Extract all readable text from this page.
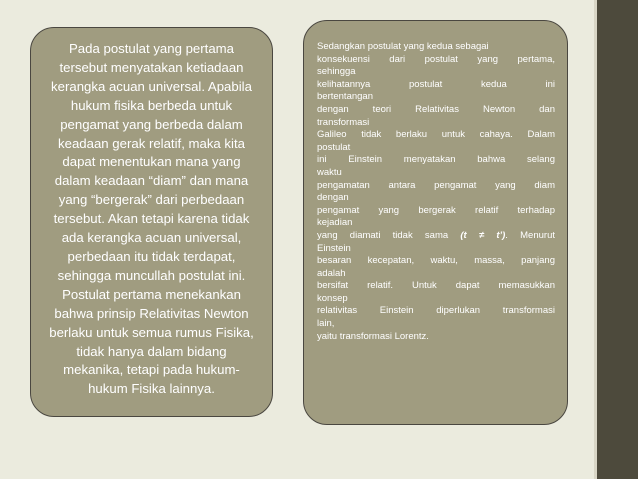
Pada postulat yang pertama
tersebut menyatakan ketiadaan
kerangka acuan universal. Apabila
hukum fisika berbeda untuk
pengamat yang berbeda dalam
keadaan gerak relatif, maka kita
dapat menentukan mana yang
dalam keadaan “diam” dan mana
yang “bergerak” dari perbedaan
tersebut. Akan tetapi karena tidak
ada kerangka acuan universal,
perbedaan itu tidak terdapat,
sehingga muncullah postulat ini.
Postulat pertama menekankan
bahwa prinsip Relativitas Newton
berlaku untuk semua rumus Fisika,
tidak hanya dalam bidang
mekanika, tetapi pada hukum-
hukum Fisika lainnya.

Sedangkan postulat yang kedua sebagai
konsekuensi dari postulat yang pertama,
sehingga
kelihatannya postulat kedua ini
bertentangan
dengan teori Relativitas Newton dan
transformasi
Galileo tidak berlaku untuk cahaya. Dalam
postulat
ini Einstein menyatakan bahwa selang
waktu
pengamatan antara pengamat yang diam
dengan
pengamat yang bergerak relatif terhadap
kejadian
yang diamati tidak sama (t ≠ t’). Menurut
Einstein
besaran kecepatan, waktu, massa, panjang
adalah
bersifat relatif. Untuk dapat memasukkan
konsep
relativitas Einstein diperlukan transformasi
lain,
yaitu transformasi Lorentz.
